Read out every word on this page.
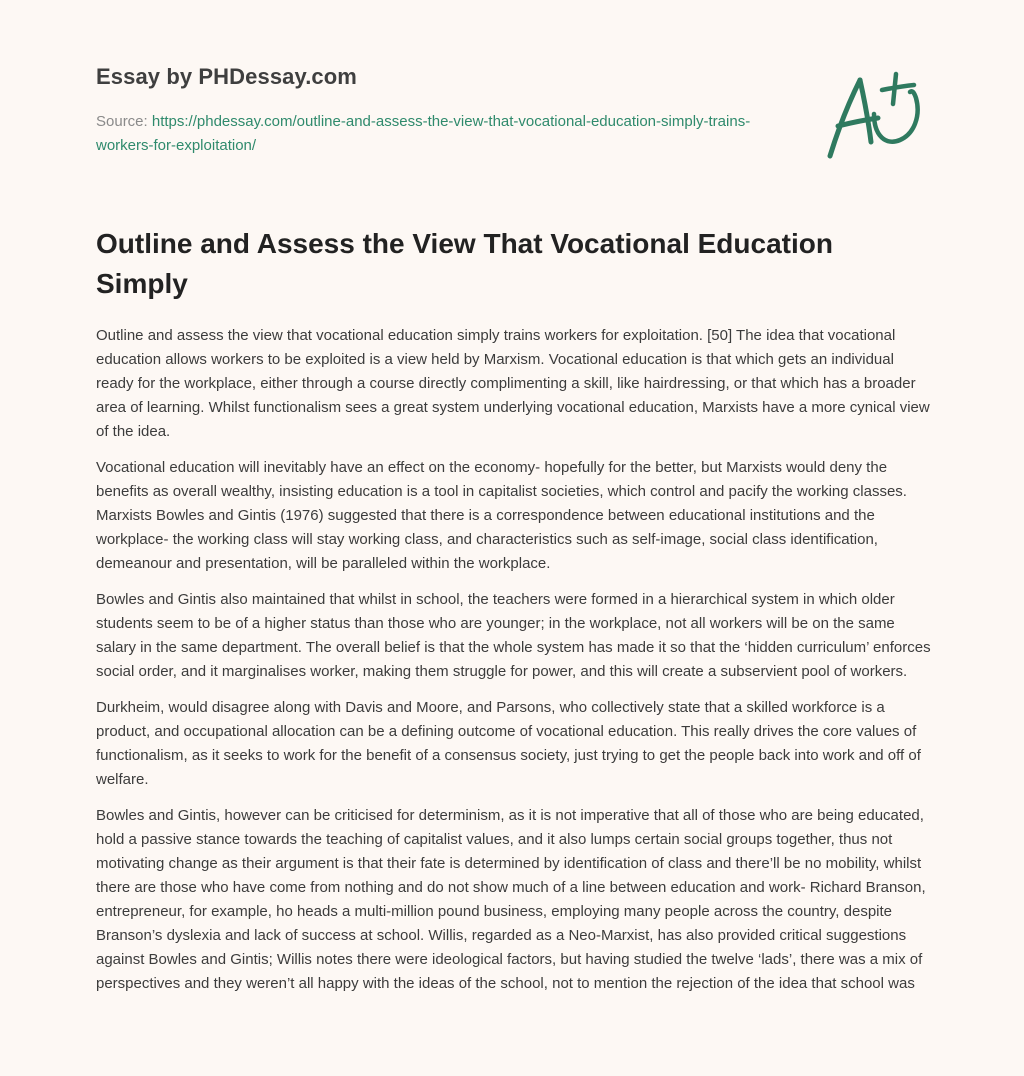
Essay by PHDessay.com
Source: https://phdessay.com/outline-and-assess-the-view-that-vocational-education-simply-trains-workers-for-exploitation/
Outline and Assess the View That Vocational Education Simply

Outline and assess the view that vocational education simply trains workers for exploitation. [50] The idea that vocational education allows workers to be exploited is a view held by Marxism. Vocational education is that which gets an individual ready for the workplace, either through a course directly complimenting a skill, like hairdressing, or that which has a broader area of learning. Whilst functionalism sees a great system underlying vocational education, Marxists have a more cynical view of the idea.

Vocational education will inevitably have an effect on the economy- hopefully for the better, but Marxists would deny the benefits as overall wealthy, insisting education is a tool in capitalist societies, which control and pacify the working classes. Marxists Bowles and Gintis (1976) suggested that there is a correspondence between educational institutions and the workplace- the working class will stay working class, and characteristics such as self-image, social class identification, demeanour and presentation, will be paralleled within the workplace.

Bowles and Gintis also maintained that whilst in school, the teachers were formed in a hierarchical system in which older students seem to be of a higher status than those who are younger; in the workplace, not all workers will be on the same salary in the same department. The overall belief is that the whole system has made it so that the ‘hidden curriculum’ enforces social order, and it marginalises worker, making them struggle for power, and this will create a subservient pool of workers.

Durkheim, would disagree along with Davis and Moore, and Parsons, who collectively state that a skilled workforce is a product, and occupational allocation can be a defining outcome of vocational education. This really drives the core values of functionalism, as it seeks to work for the benefit of a consensus society, just trying to get the people back into work and off of welfare.

Bowles and Gintis, however can be criticised for determinism, as it is not imperative that all of those who are being educated, hold a passive stance towards the teaching of capitalist values, and it also lumps certain social groups together, thus not motivating change as their argument is that their fate is determined by identification of class and there’ll be no mobility, whilst there are those who have come from nothing and do not show much of a line between education and work- Richard Branson, entrepreneur, for example, ho heads a multi-million pound business, employing many people across the country, despite Branson’s dyslexia and lack of success at school. Willis, regarded as a Neo-Marxist, has also provided critical suggestions against Bowles and Gintis; Willis notes there were ideological factors, but having studied the twelve ‘lads’, there was a mix of perspectives and they weren’t all happy with the ideas of the school, not to mention the rejection of the idea that school was
